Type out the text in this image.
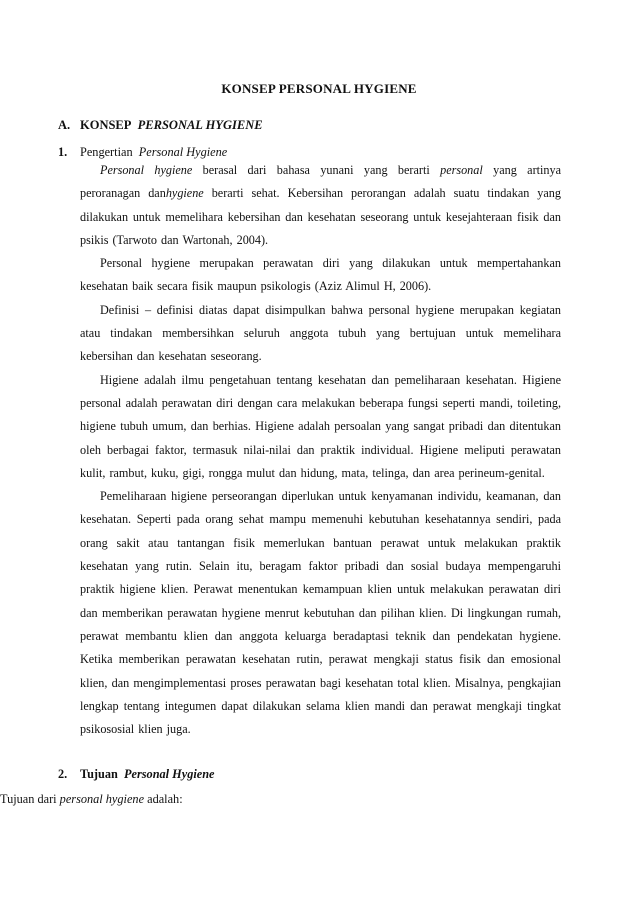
KONSEP PERSONAL HYGIENE
A. KONSEP PERSONAL HYGIENE
1. Pengertian Personal Hygiene

Personal hygiene berasal dari bahasa yunani yang berarti personal yang artinya peroranagan danhygiene berarti sehat. Kebersihan perorangan adalah suatu tindakan yang dilakukan untuk memelihara kebersihan dan kesehatan seseorang untuk kesejahteraan fisik dan psikis (Tarwoto dan Wartonah, 2004).

Personal hygiene merupakan perawatan diri yang dilakukan untuk mempertahankan kesehatan baik secara fisik maupun psikologis (Aziz Alimul H, 2006).

Definisi – definisi diatas dapat disimpulkan bahwa personal hygiene merupakan kegiatan atau tindakan membersihkan seluruh anggota tubuh yang bertujuan untuk memelihara kebersihan dan kesehatan seseorang.

Higiene adalah ilmu pengetahuan tentang kesehatan dan pemeliharaan kesehatan. Higiene personal adalah perawatan diri dengan cara melakukan beberapa fungsi seperti mandi, toileting, higiene tubuh umum, dan berhias. Higiene adalah persoalan yang sangat pribadi dan ditentukan oleh berbagai faktor, termasuk nilai-nilai dan praktik individual. Higiene meliputi perawatan kulit, rambut, kuku, gigi, rongga mulut dan hidung, mata, telinga, dan area perineum-genital.

Pemeliharaan higiene perseorangan diperlukan untuk kenyamanan individu, keamanan, dan kesehatan. Seperti pada orang sehat mampu memenuhi kebutuhan kesehatannya sendiri, pada orang sakit atau tantangan fisik memerlukan bantuan perawat untuk melakukan praktik kesehatan yang rutin. Selain itu, beragam faktor pribadi dan sosial budaya mempengaruhi praktik higiene klien. Perawat menentukan kemampuan klien untuk melakukan perawatan diri dan memberikan perawatan hygiene menrut kebutuhan dan pilihan klien. Di lingkungan rumah, perawat membantu klien dan anggota keluarga beradaptasi teknik dan pendekatan hygiene. Ketika memberikan perawatan kesehatan rutin, perawat mengkaji status fisik dan emosional klien, dan mengimplementasi proses perawatan bagi kesehatan total klien. Misalnya, pengkajian lengkap tentang integumen dapat dilakukan selama klien mandi dan perawat mengkaji tingkat psikososial klien juga.

2. Tujuan Personal Hygiene
Tujuan dari personal hygiene adalah:
